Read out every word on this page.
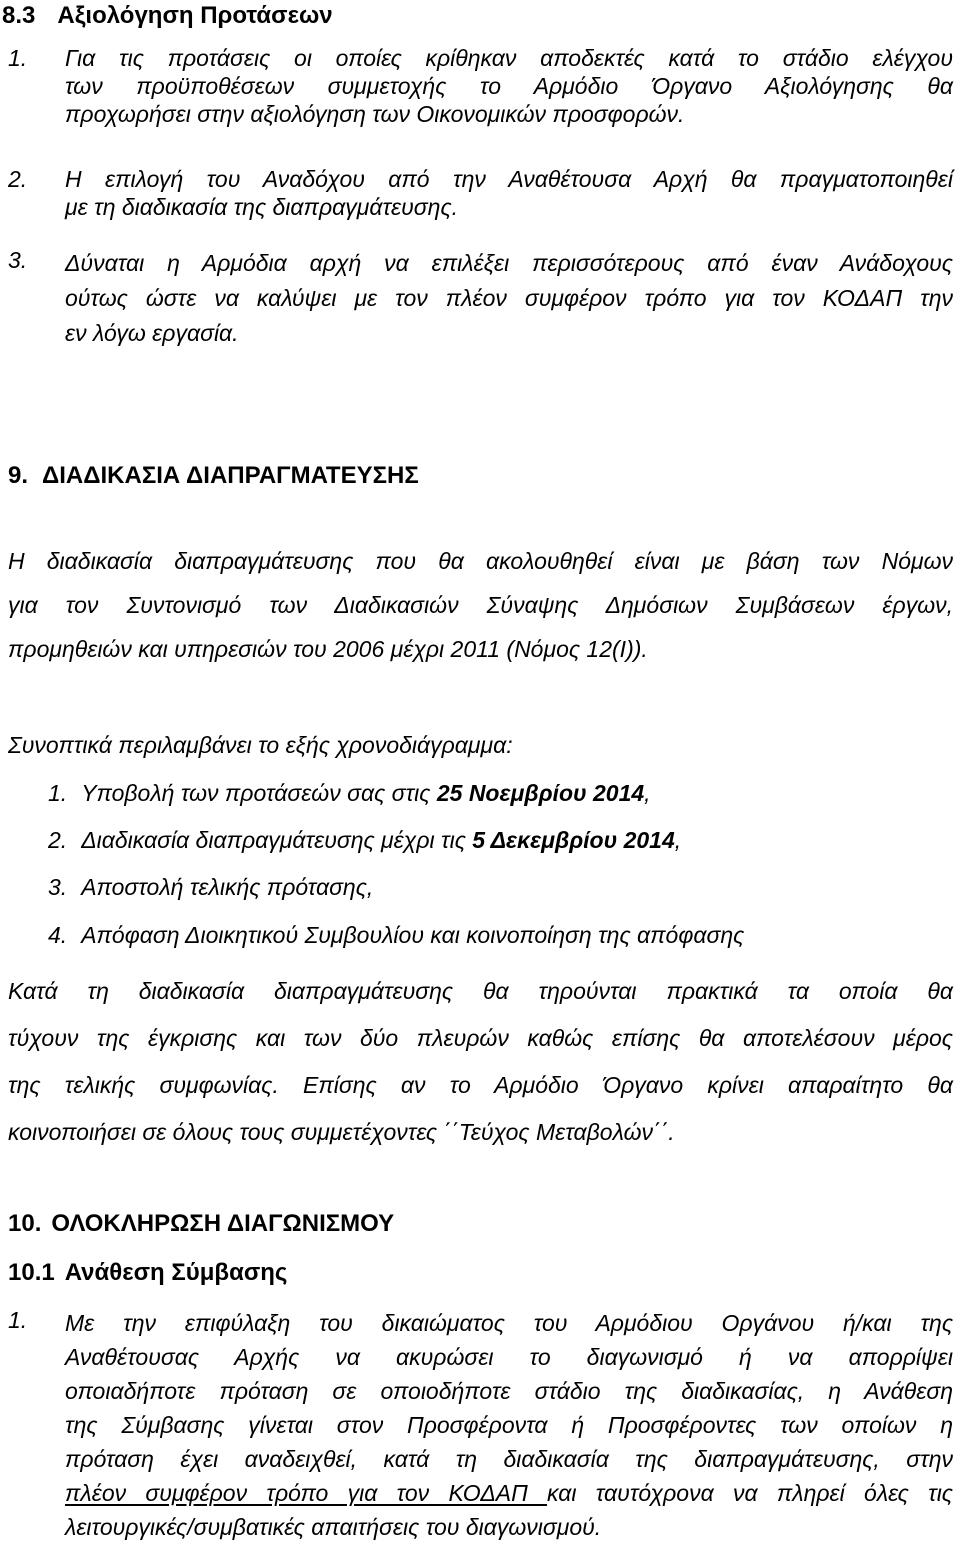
8.3 Αξιολόγηση Προτάσεων
1. Για τις προτάσεις οι οποίες κρίθηκαν αποδεκτές κατά το στάδιο ελέγχου
των προϋποθέσεων συμμετοχής το Αρμόδιο Όργανο Αξιολόγησης θα
προχωρήσει στην αξιολόγηση των Οικονομικών προσφορών.
2. Η επιλογή του Αναδόχου από την Αναθέτουσα Αρχή θα πραγματοποιηθεί
με τη διαδικασία της διαπραγμάτευσης.
3. Δύναται η Αρμόδια αρχή να επιλέξει περισσότερους από έναν Ανάδοχους
ούτως ώστε να καλύψει με τον πλέον συμφέρον τρόπο για τον ΚΟΔΑΠ την
εν λόγω εργασία.
9. ΔΙΑΔΙΚΑΣΙΑ ΔΙΑΠΡΑΓΜΑΤΕΥΣΗΣ
Η διαδικασία διαπραγμάτευσης που θα ακολουθηθεί είναι με βάση των Νόμων
για τον Συντονισμό των Διαδικασιών Σύναψης Δημόσιων Συμβάσεων έργων,
προμηθειών και υπηρεσιών του 2006 μέχρι 2011 (Νόμος 12(Ι)).
Συνοπτικά περιλαμβάνει το εξής χρονοδιάγραμμα:
1. Υποβολή των προτάσεών σας στις 25 Νοεμβρίου 2014,
2. Διαδικασία διαπραγμάτευσης μέχρι τις 5 Δεκεμβρίου 2014,
3. Αποστολή τελικής πρότασης,
4. Απόφαση Διοικητικού Συμβουλίου και κοινοποίηση της απόφασης
Κατά τη διαδικασία διαπραγμάτευσης θα τηρούνται πρακτικά τα οποία θα
τύχουν της έγκρισης και των δύο πλευρών καθώς επίσης θα αποτελέσουν μέρος
της τελικής συμφωνίας. Επίσης αν το Αρμόδιο Όργανο κρίνει απαραίτητο θα
κοινοποιήσει σε όλους τους συμμετέχοντες ΄΄Τεύχος Μεταβολών΄΄.
10. ΟΛΟΚΛΗΡΩΣΗ ΔΙΑΓΩΝΙΣΜΟΥ
10.1 Ανάθεση Σύμβασης
1. Με την επιφύλαξη του δικαιώματος του Αρμόδιου Οργάνου ή/και της
Αναθέτουσας Αρχής να ακυρώσει το διαγωνισμό ή να απορρίψει
οποιαδήποτε πρόταση σε οποιοδήποτε στάδιο της διαδικασίας, η Ανάθεση
της Σύμβασης γίνεται στον Προσφέροντα ή Προσφέροντες των οποίων η
πρόταση έχει αναδειχθεί, κατά τη διαδικασία της διαπραγμάτευσης, στην
πλέον συμφέρον τρόπο για τον ΚΟΔΑΠ και ταυτόχρονα να πληρεί όλες τις
λειτουργικές/συμβατικές απαιτήσεις του διαγωνισμού.
